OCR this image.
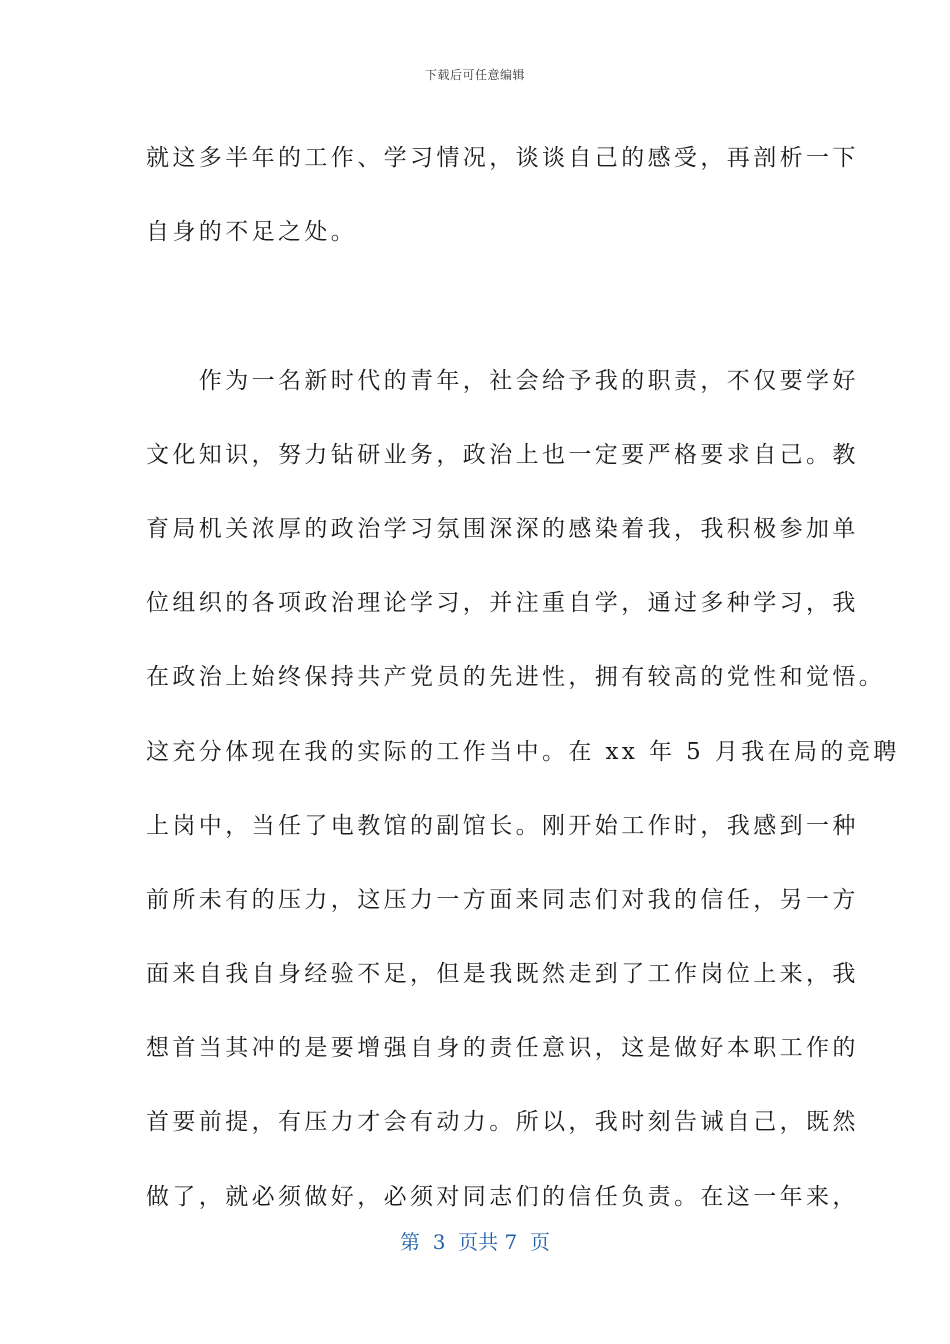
下载后可任意编辑
就这多半年的工作、学习情况，谈谈自己的感受，再剖析一下
自身的不足之处。
　　作为一名新时代的青年，社会给予我的职责，不仅要学好
文化知识，努力钻研业务，政治上也一定要严格要求自己。教
育局机关浓厚的政治学习氛围深深的感染着我，我积极参加单
位组织的各项政治理论学习，并注重自学，通过多种学习，我
在政治上始终保持共产党员的先进性，拥有较高的党性和觉悟。
这充分体现在我的实际的工作当中。在 xx 年 5 月我在局的竞聘
上岗中，当任了电教馆的副馆长。刚开始工作时，我感到一种
前所未有的压力，这压力一方面来同志们对我的信任，另一方
面来自我自身经验不足，但是我既然走到了工作岗位上来，我
想首当其冲的是要增强自身的责任意识，这是做好本职工作的
首要前提，有压力才会有动力。所以，我时刻告诫自己，既然
做了，就必须做好，必须对同志们的信任负责。在这一年来，
第  3  页共 7  页
